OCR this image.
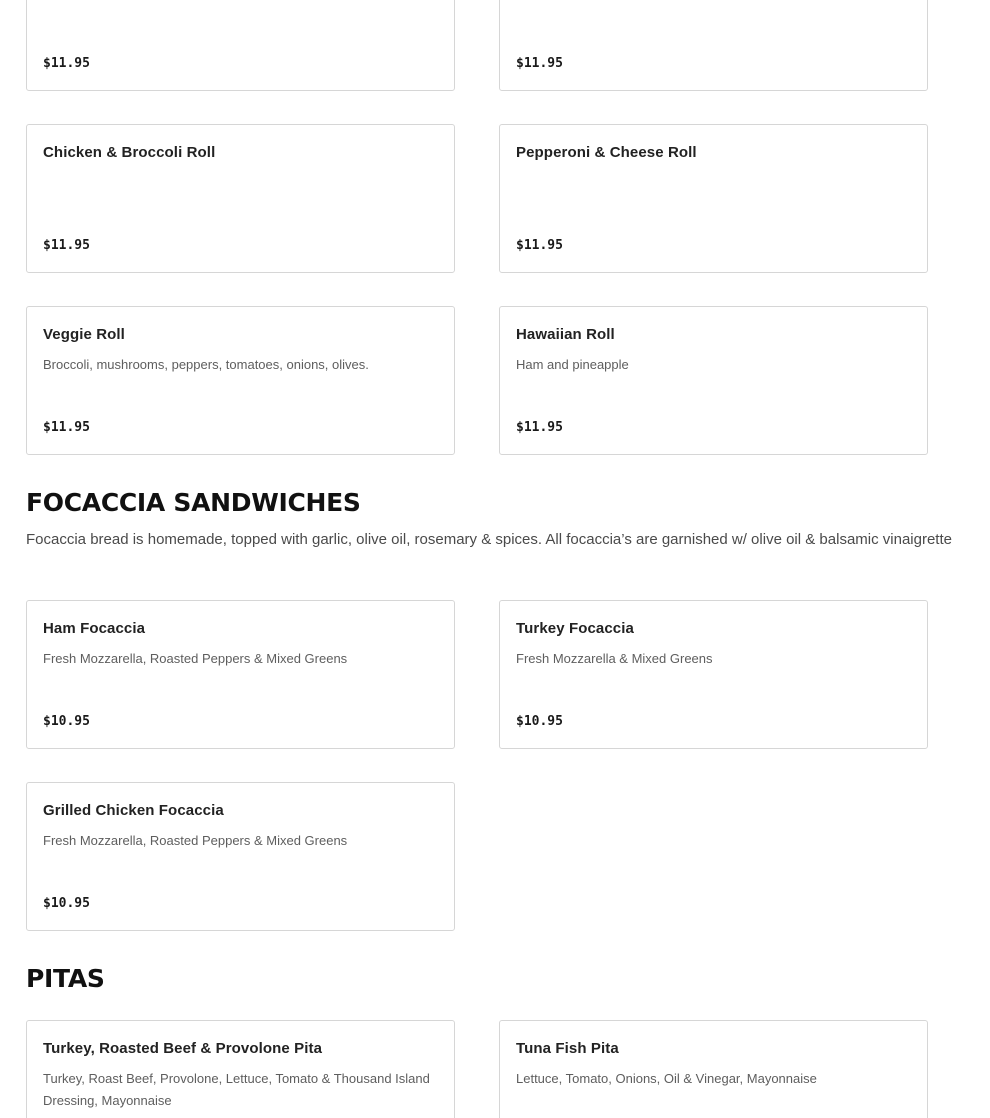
$11.95	$11.95
Chicken & Broccoli Roll
$11.95
Pepperoni & Cheese Roll
$11.95
Veggie Roll
Broccoli, mushrooms, peppers, tomatoes, onions, olives.
$11.95
Hawaiian Roll
Ham and pineapple
$11.95
FOCACCIA SANDWICHES

Focaccia bread is homemade, topped with garlic, olive oil, rosemary & spices. All focaccia’s are garnished w/ olive oil & balsamic vinaigrette

Ham Focaccia
Fresh Mozzarella, Roasted Peppers & Mixed Greens
$10.95
Turkey Focaccia
Fresh Mozzarella & Mixed Greens
$10.95
Grilled Chicken Focaccia
Fresh Mozzarella, Roasted Peppers & Mixed Greens
$10.95
PITAS
Turkey, Roasted Beef & Provolone Pita
Turkey, Roast Beef, Provolone, Lettuce, Tomato & Thousand Island Dressing, Mayonnaise
Tuna Fish Pita
Lettuce, Tomato, Onions, Oil & Vinegar, Mayonnaise
